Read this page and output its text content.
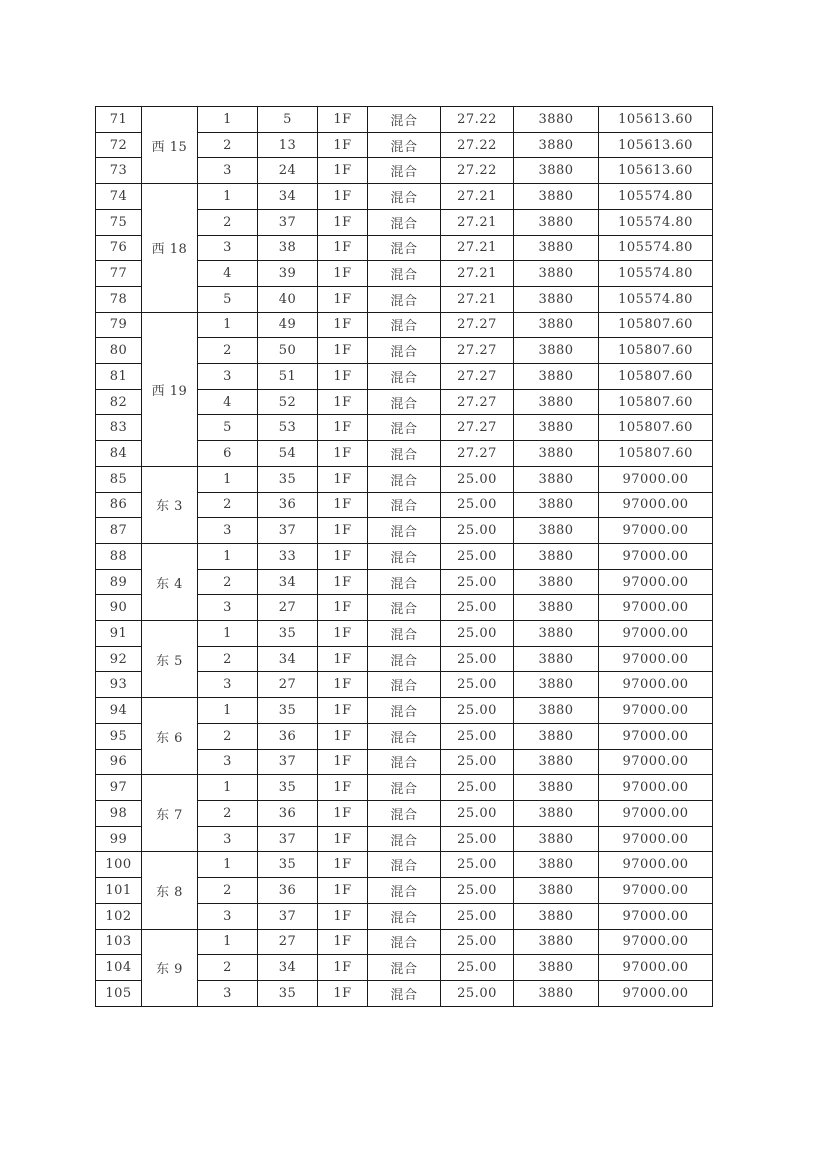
71	西 15	1	5	1F	混合	27.22	3880	105613.60
72		2	13	1F	混合	27.22	3880	105613.60
73		3	24	1F	混合	27.22	3880	105613.60
74	西 18	1	34	1F	混合	27.21	3880	105574.80
75		2	37	1F	混合	27.21	3880	105574.80
76		3	38	1F	混合	27.21	3880	105574.80
77		4	39	1F	混合	27.21	3880	105574.80
78		5	40	1F	混合	27.21	3880	105574.80
79	西 19	1	49	1F	混合	27.27	3880	105807.60
80		2	50	1F	混合	27.27	3880	105807.60
81		3	51	1F	混合	27.27	3880	105807.60
82		4	52	1F	混合	27.27	3880	105807.60
83		5	53	1F	混合	27.27	3880	105807.60
84		6	54	1F	混合	27.27	3880	105807.60
85	东 3	1	35	1F	混合	25.00	3880	97000.00
86		2	36	1F	混合	25.00	3880	97000.00
87		3	37	1F	混合	25.00	3880	97000.00
88	东 4	1	33	1F	混合	25.00	3880	97000.00
89		2	34	1F	混合	25.00	3880	97000.00
90		3	27	1F	混合	25.00	3880	97000.00
91	东 5	1	35	1F	混合	25.00	3880	97000.00
92		2	34	1F	混合	25.00	3880	97000.00
93		3	27	1F	混合	25.00	3880	97000.00
94	东 6	1	35	1F	混合	25.00	3880	97000.00
95		2	36	1F	混合	25.00	3880	97000.00
96		3	37	1F	混合	25.00	3880	97000.00
97	东 7	1	35	1F	混合	25.00	3880	97000.00
98		2	36	1F	混合	25.00	3880	97000.00
99		3	37	1F	混合	25.00	3880	97000.00
100	东 8	1	35	1F	混合	25.00	3880	97000.00
101		2	36	1F	混合	25.00	3880	97000.00
102		3	37	1F	混合	25.00	3880	97000.00
103	东 9	1	27	1F	混合	25.00	3880	97000.00
104		2	34	1F	混合	25.00	3880	97000.00
105		3	35	1F	混合	25.00	3880	97000.00
